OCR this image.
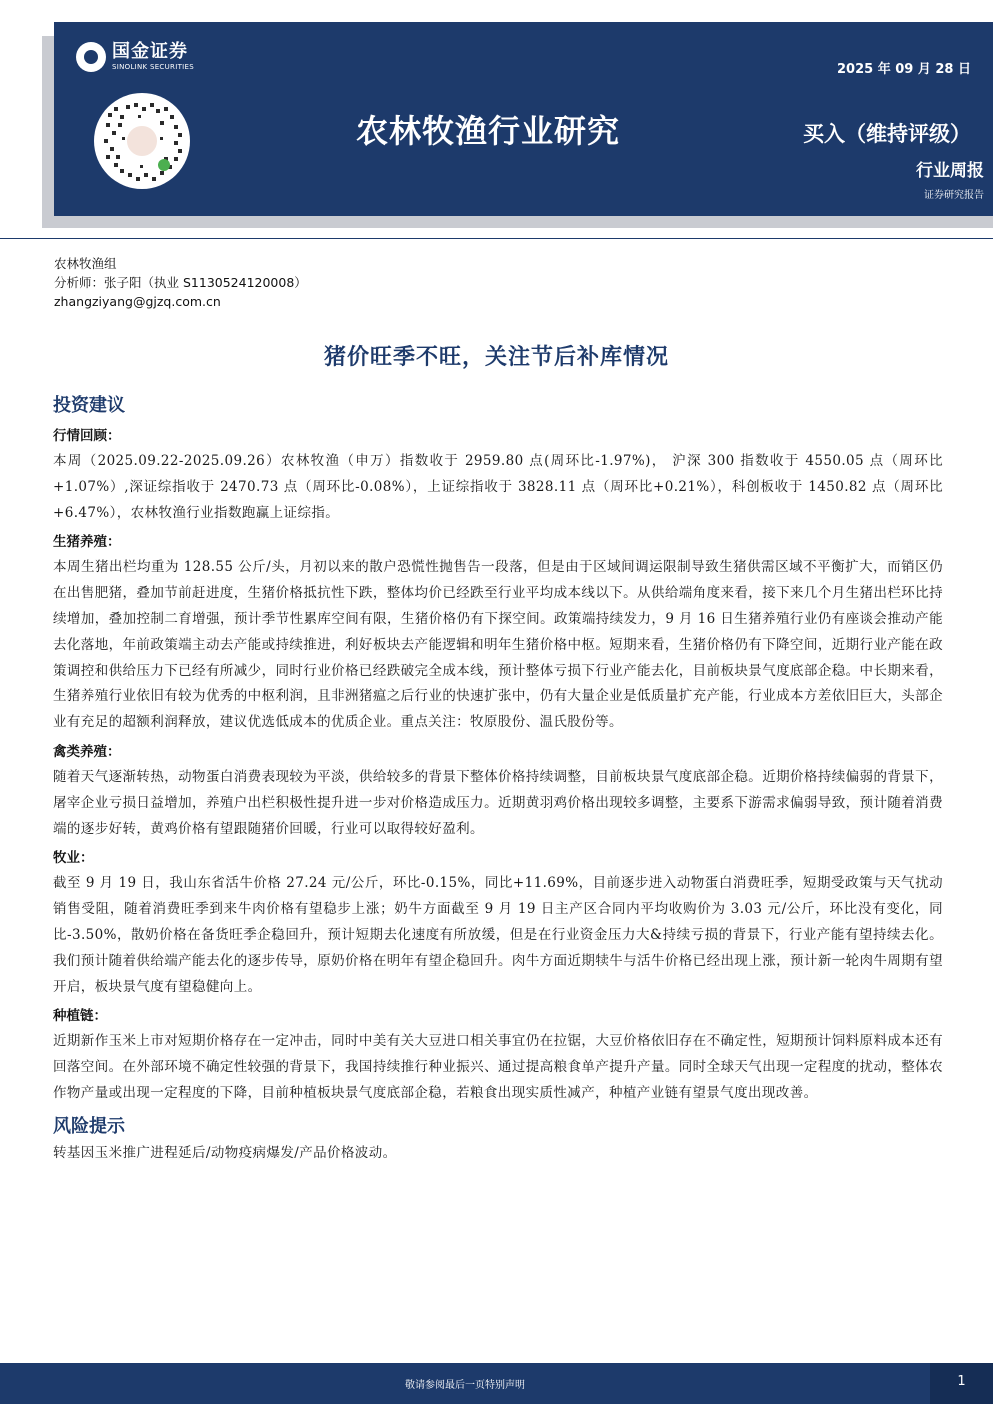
国金证券
SINOLINK SECURITIES	2025 年 09 月 28 日
农林牧渔行业研究	买入（维持评级）
行业周报
证券研究报告
农林牧渔组
分析师：张子阳（执业 S1130524120008）
zhangziyang@gjzq.com.cn
猪价旺季不旺，关注节后补库情况
投资建议
行情回顾：

本周（2025.09.22-2025.09.26）农林牧渔（申万）指数收于 2959.80 点(周环比-1.97%)， 沪深 300 指数收于 4550.05 点（周环比+1.07%）,深证综指收于 2470.73 点（周环比-0.08%），上证综指收于 3828.11 点（周环比+0.21%），科创板收于 1450.82 点（周环比+6.47%），农林牧渔行业指数跑赢上证综指。

生猪养殖：

本周生猪出栏均重为 128.55 公斤/头，月初以来的散户恐慌性抛售告一段落，但是由于区域间调运限制导致生猪供需区域不平衡扩大，而销区仍在出售肥猪，叠加节前赶进度，生猪价格抵抗性下跌，整体均价已经跌至行业平均成本线以下。从供给端角度来看，接下来几个月生猪出栏环比持续增加，叠加控制二育增强，预计季节性累库空间有限，生猪价格仍有下探空间。政策端持续发力，9 月 16 日生猪养殖行业仍有座谈会推动产能去化落地，年前政策端主动去产能或持续推进，利好板块去产能逻辑和明年生猪价格中枢。短期来看，生猪价格仍有下降空间，近期行业产能在政策调控和供给压力下已经有所减少，同时行业价格已经跌破完全成本线，预计整体亏损下行业产能去化，目前板块景气度底部企稳。中长期来看，生猪养殖行业依旧有较为优秀的中枢利润，且非洲猪瘟之后行业的快速扩张中，仍有大量企业是低质量扩充产能，行业成本方差依旧巨大，头部企业有充足的超额利润释放，建议优选低成本的优质企业。重点关注：牧原股份、温氏股份等。

禽类养殖：

随着天气逐渐转热，动物蛋白消费表现较为平淡，供给较多的背景下整体价格持续调整，目前板块景气度底部企稳。近期价格持续偏弱的背景下，屠宰企业亏损日益增加，养殖户出栏积极性提升进一步对价格造成压力。近期黄羽鸡价格出现较多调整，主要系下游需求偏弱导致，预计随着消费端的逐步好转，黄鸡价格有望跟随猪价回暖，行业可以取得较好盈利。

牧业：

截至 9 月 19 日，我山东省活牛价格 27.24 元/公斤，环比-0.15%，同比+11.69%，目前逐步进入动物蛋白消费旺季，短期受政策与天气扰动销售受阻，随着消费旺季到来牛肉价格有望稳步上涨；奶牛方面截至 9 月 19 日主产区合同内平均收购价为 3.03 元/公斤，环比没有变化，同比-3.50%，散奶价格在备货旺季企稳回升，预计短期去化速度有所放缓，但是在行业资金压力大&持续亏损的背景下，行业产能有望持续去化。我们预计随着供给端产能去化的逐步传导，原奶价格在明年有望企稳回升。肉牛方面近期犊牛与活牛价格已经出现上涨，预计新一轮肉牛周期有望开启，板块景气度有望稳健向上。

种植链：

近期新作玉米上市对短期价格存在一定冲击，同时中美有关大豆进口相关事宜仍在拉锯，大豆价格依旧存在不确定性，短期预计饲料原料成本还有回落空间。在外部环境不确定性较强的背景下，我国持续推行种业振兴、通过提高粮食单产提升产量。同时全球天气出现一定程度的扰动，整体农作物产量或出现一定程度的下降，目前种植板块景气度底部企稳，若粮食出现实质性减产，种植产业链有望景气度出现改善。

风险提示

转基因玉米推广进程延后/动物疫病爆发/产品价格波动。

敬请参阅最后一页特别声明	1
